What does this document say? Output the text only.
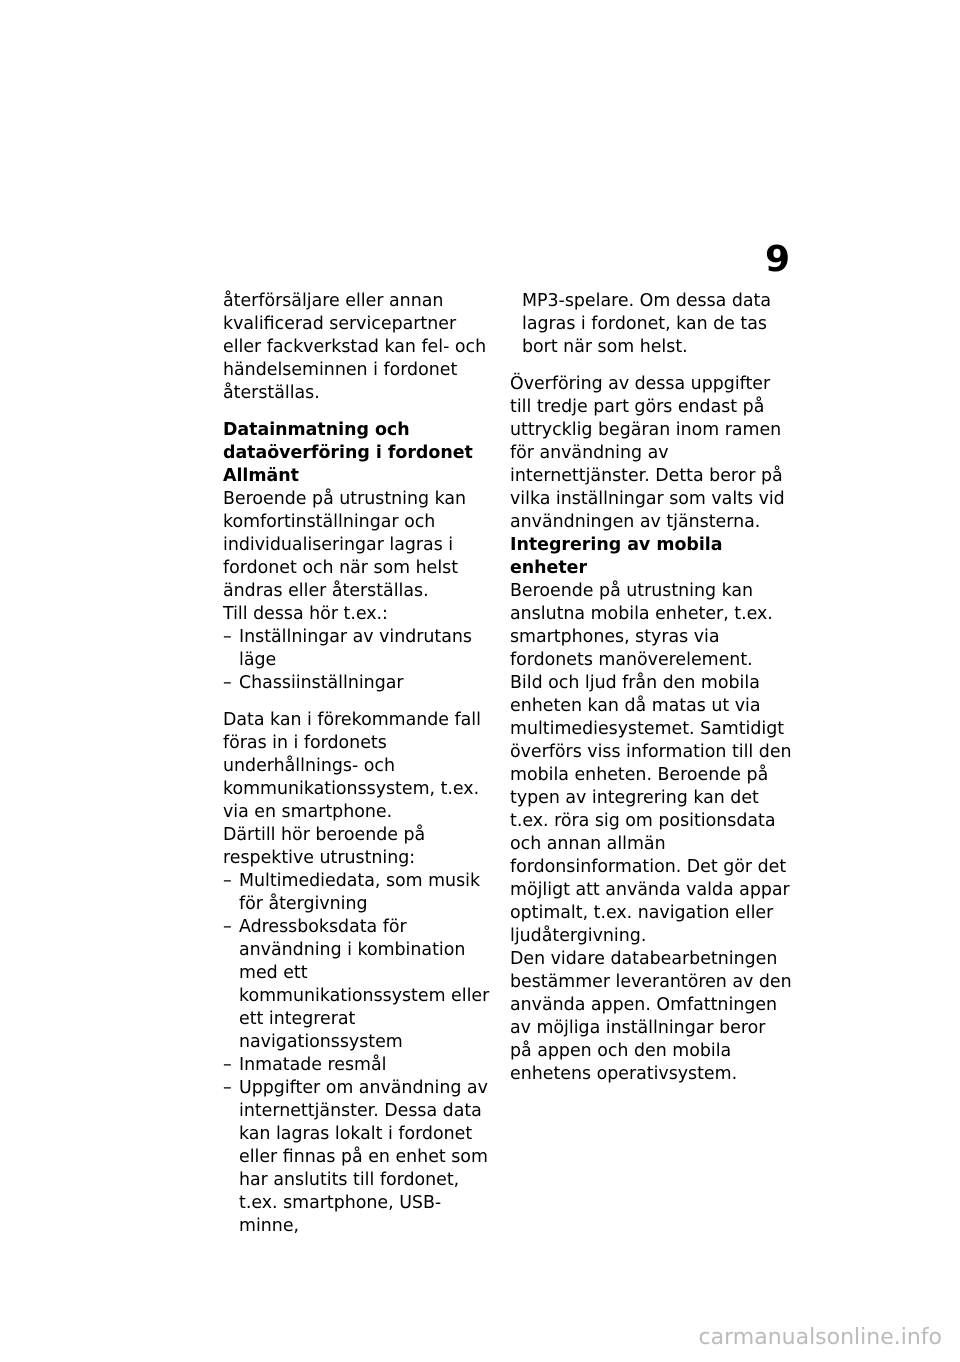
9

återförsäljare eller annan kvalificerad servicepartner eller fackverkstad kan fel- och händelseminnen i fordonet återställas.

Datainmatning och dataöverföring i fordonet

Allmänt

Beroende på utrustning kan komfortinställningar och individualiseringar lagras i fordonet och när som helst ändras eller återställas.

Till dessa hör t.ex.:

– Inställningar av vindrutans läge
– Chassiinställningar

Data kan i förekommande fall föras in i fordonets underhållnings- och kommunikationssystem, t.ex. via en smartphone.

Därtill hör beroende på respektive utrustning:

– Multimediedata, som musik för återgivning
– Adressboksdata för användning i kombination med ett kommunikationssystem eller ett integrerat navigationssystem
– Inmatade resmål
– Uppgifter om användning av internettjänster. Dessa data kan lagras lokalt i fordonet eller finnas på en enhet som har anslutits till fordonet, t.ex. smartphone, USB-minne,

MP3-spelare. Om dessa data lagras i fordonet, kan de tas bort när som helst.

Överföring av dessa uppgifter till tredje part görs endast på uttrycklig begäran inom ramen för användning av internettjänster. Detta beror på vilka inställningar som valts vid användningen av tjänsterna.

Integrering av mobila enheter

Beroende på utrustning kan anslutna mobila enheter, t.ex. smartphones, styras via fordonets manöverelement.

Bild och ljud från den mobila enheten kan då matas ut via multimediesystemet. Samtidigt överförs viss information till den mobila enheten. Beroende på typen av integrering kan det t.ex. röra sig om positionsdata och annan allmän fordonsinformation. Det gör det möjligt att använda valda appar optimalt, t.ex. navigation eller ljudåtergivning.

Den vidare databearbetningen bestämmer leverantören av den använda appen. Omfattningen av möjliga inställningar beror på appen och den mobila enhetens operativsystem.

carmanualsonline.info
